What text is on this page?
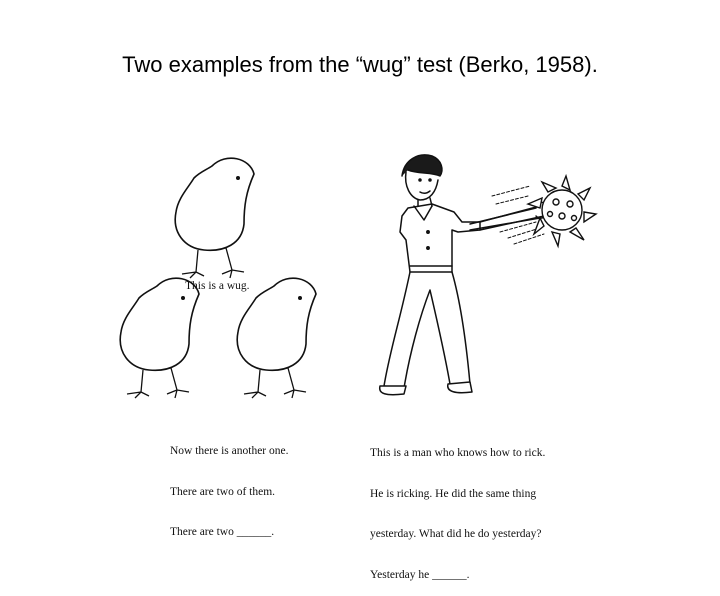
Two examples from the “wug” test (Berko, 1958).
This is a wug.

Now there is another one.

There are two of them.

There are two ______.

This is a man who knows how to rick.

He is ricking. He did the same thing

yesterday. What did he do yesterday?

Yesterday he ______.
